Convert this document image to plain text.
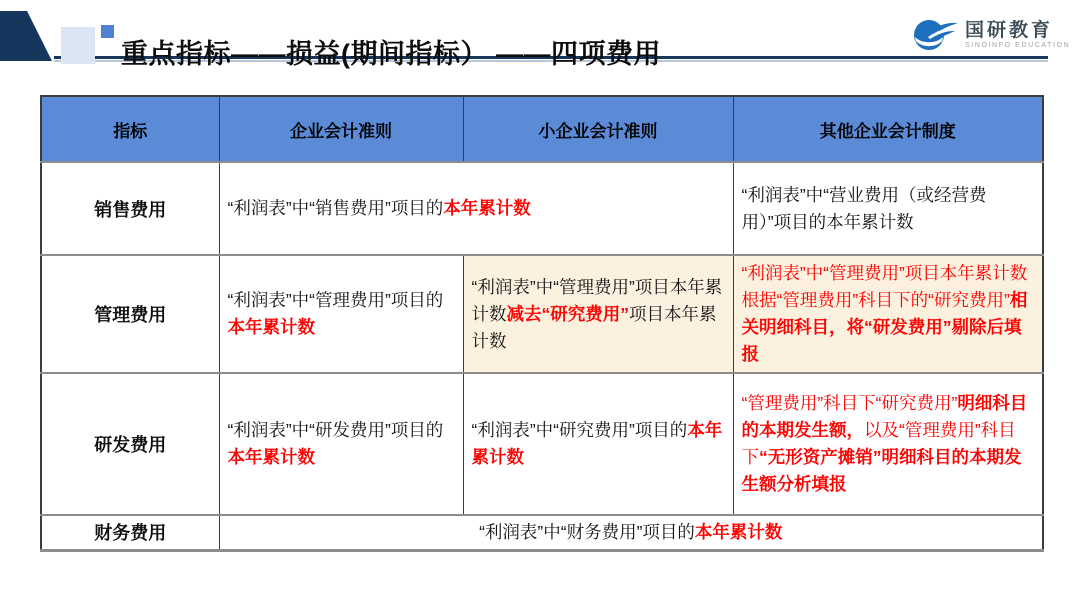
重点指标——损益(期间指标） ——四项费用
国研教育
SINOINFO EDUCATION
指标	企业会计准则	小企业会计准则	其他企业会计制度
销售费用	“利润表”中“销售费用”项目的本年累计数		“利润表”中“营业费用（或经营费用）”项目的本年累计数
管理费用	“利润表”中“管理费用”项目的本年累计数	“利润表”中“管理费用”项目本年累计数减去“研究费用”项目本年累计数	“利润表”中“管理费用”项目本年累计数根据“管理费用”科目下的“研究费用”相关明细科目，将“研发费用”剔除后填报
研发费用	“利润表”中“研发费用”项目的本年累计数	“利润表”中“研究费用”项目的本年累计数	“管理费用”科目下“研究费用”明细科目的本期发生额，以及“管理费用”科目下“无形资产摊销”明细科目的本期发生额分析填报
财务费用	“利润表”中“财务费用”项目的本年累计数		
